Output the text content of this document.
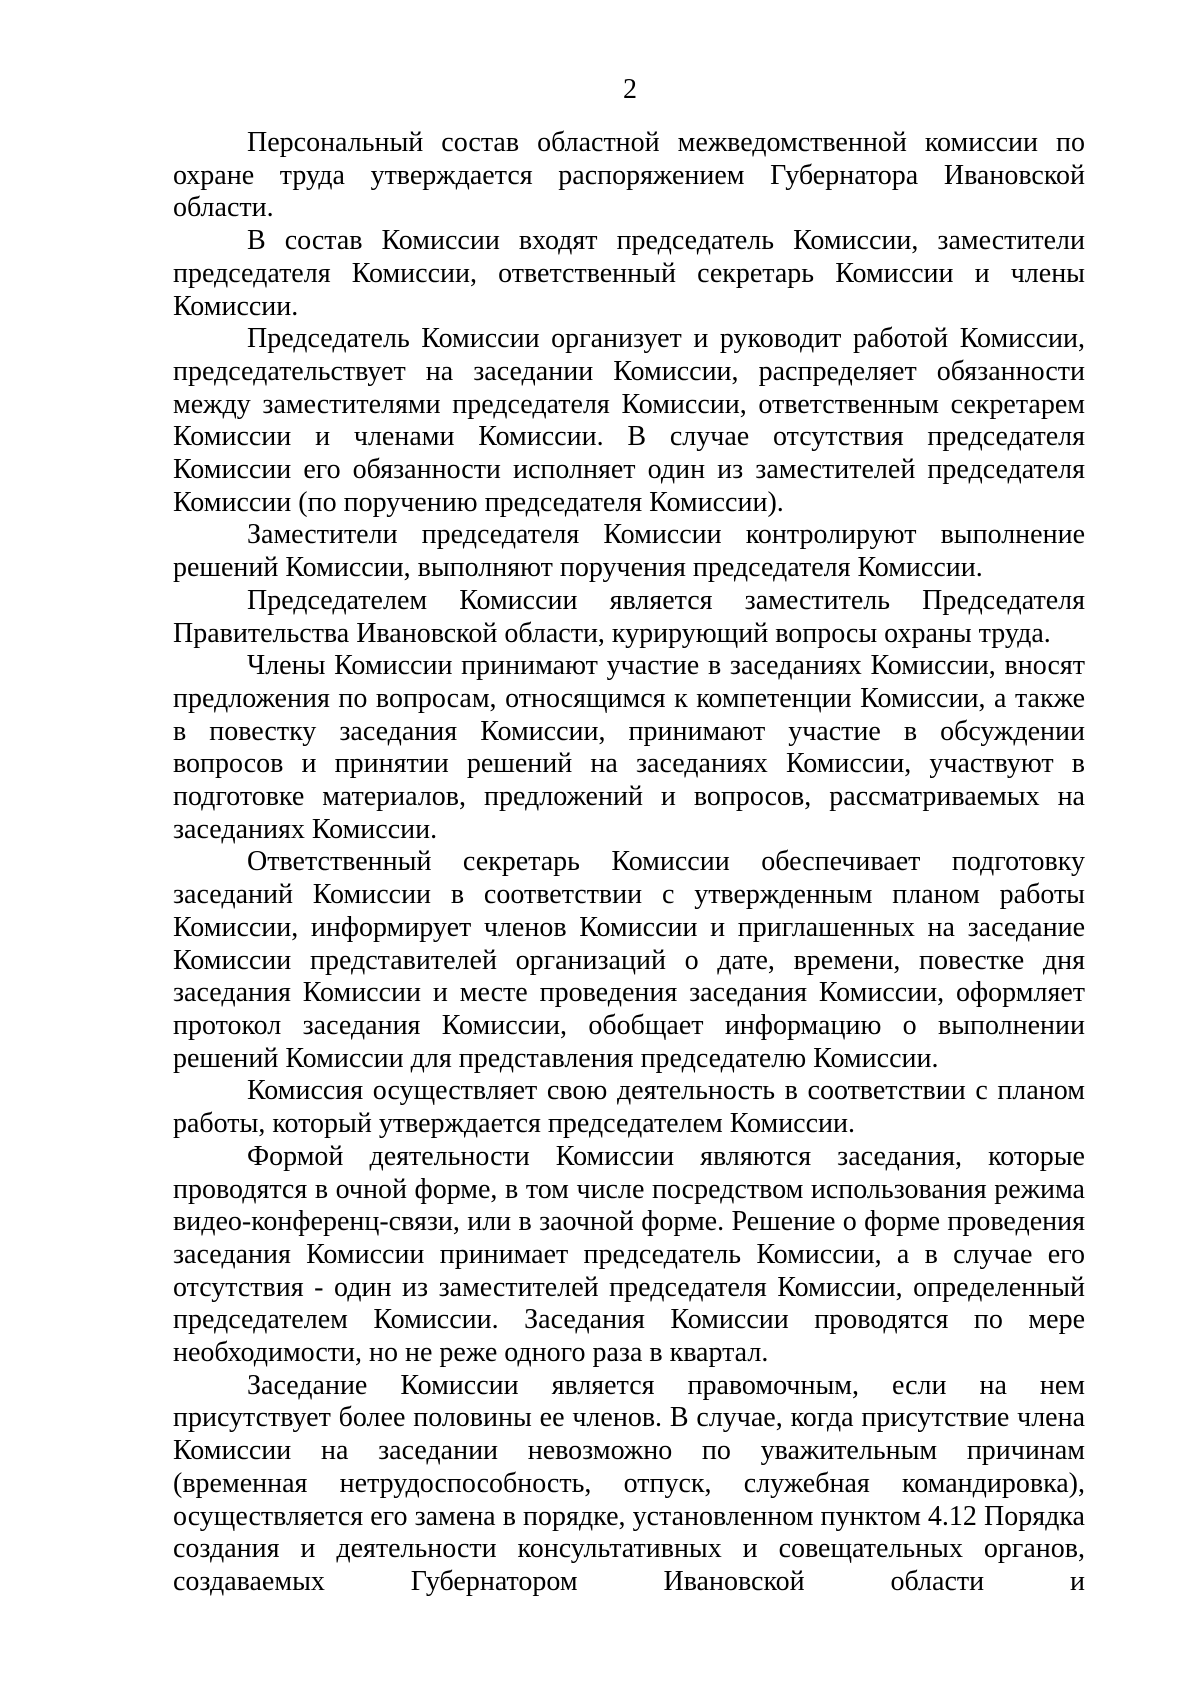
2

Персональный состав областной межведомственной комиссии по охране труда утверждается распоряжением Губернатора Ивановской области.

В состав Комиссии входят председатель Комиссии, заместители председателя Комиссии, ответственный секретарь Комиссии и члены Комиссии.

Председатель Комиссии организует и руководит работой Комиссии, председательствует на заседании Комиссии, распределяет обязанности между заместителями председателя Комиссии, ответственным секретарем Комиссии и членами Комиссии. В случае отсутствия председателя Комиссии его обязанности исполняет один из заместителей председателя Комиссии (по поручению председателя Комиссии).

Заместители председателя Комиссии контролируют выполнение решений Комиссии, выполняют поручения председателя Комиссии.

Председателем Комиссии является заместитель Председателя Правительства Ивановской области, курирующий вопросы охраны труда.

Члены Комиссии принимают участие в заседаниях Комиссии, вносят предложения по вопросам, относящимся к компетенции Комиссии, а также в повестку заседания Комиссии, принимают участие в обсуждении вопросов и принятии решений на заседаниях Комиссии, участвуют в подготовке материалов, предложений и вопросов, рассматриваемых на заседаниях Комиссии.

Ответственный секретарь Комиссии обеспечивает подготовку заседаний Комиссии в соответствии с утвержденным планом работы Комиссии, информирует членов Комиссии и приглашенных на заседание Комиссии представителей организаций о дате, времени, повестке дня заседания Комиссии и месте проведения заседания Комиссии, оформляет протокол заседания Комиссии, обобщает информацию о выполнении решений Комиссии для представления председателю Комиссии.

Комиссия осуществляет свою деятельность в соответствии с планом работы, который утверждается председателем Комиссии.

Формой деятельности Комиссии являются заседания, которые проводятся в очной форме, в том числе посредством использования режима видео-конференц-связи, или в заочной форме. Решение о форме проведения заседания Комиссии принимает председатель Комиссии, а в случае его отсутствия - один из заместителей председателя Комиссии, определенный председателем Комиссии. Заседания Комиссии проводятся по мере необходимости, но не реже одного раза в квартал.

Заседание Комиссии является правомочным, если на нем присутствует более половины ее членов. В случае, когда присутствие члена Комиссии на заседании невозможно по уважительным причинам (временная нетрудоспособность, отпуск, служебная командировка), осуществляется его замена в порядке, установленном пунктом 4.12 Порядка создания и деятельности консультативных и совещательных органов, создаваемых Губернатором Ивановской области и
